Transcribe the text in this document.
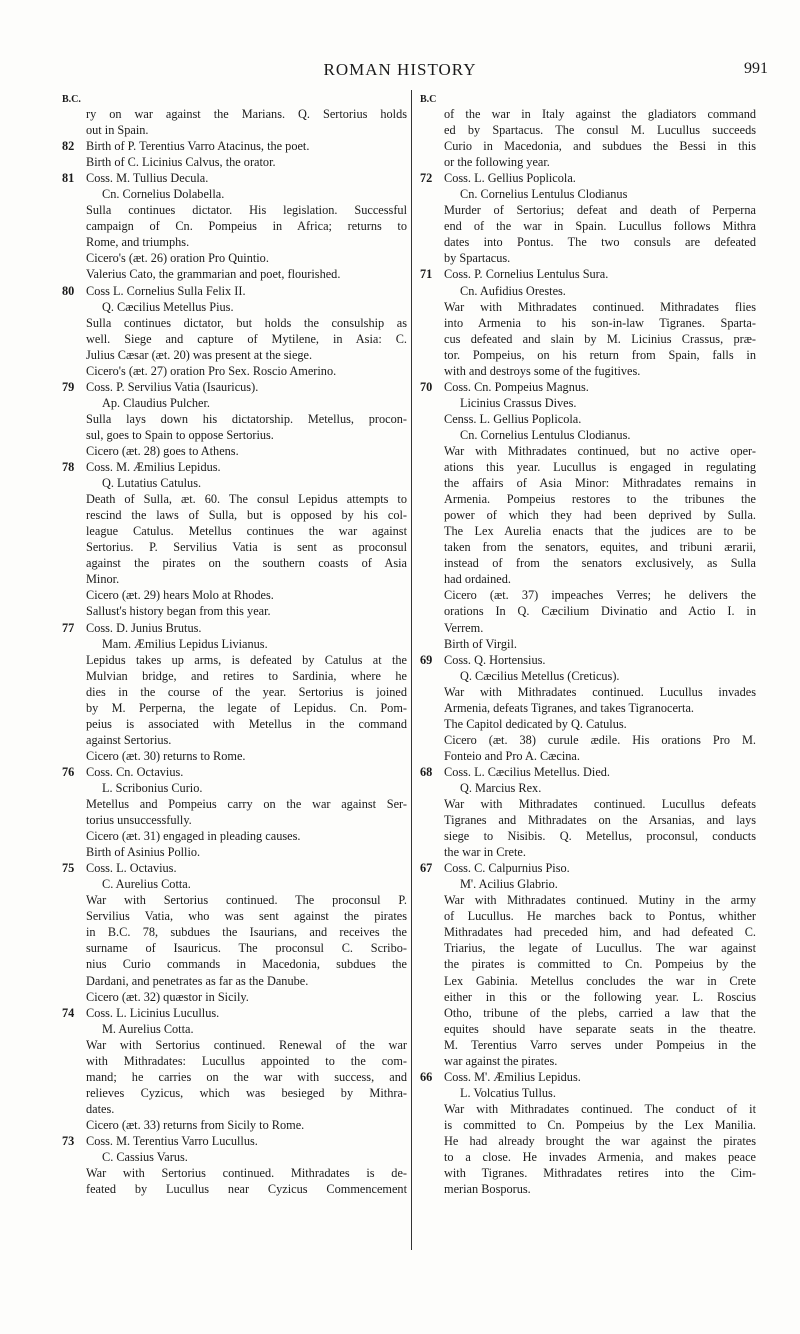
ROMAN HISTORY	991
B.C.
ry on war against the Marians. Q. Sertorius holds
out in Spain.
82 Birth of P. Terentius Varro Atacinus, the poet.
Birth of C. Licinius Calvus, the orator.
81 Coss. M. Tullius Decula.
Cn. Cornelius Dolabella.
Sulla continues dictator. His legislation. Successful
campaign of Cn. Pompeius in Africa; returns to
Rome, and triumphs.
Cicero's (æt. 26) oration Pro Quintio.
Valerius Cato, the grammarian and poet, flourished.
80 Coss L. Cornelius Sulla Felix II.
Q. Cæcilius Metellus Pius.
Sulla continues dictator, but holds the consulship as
well. Siege and capture of Mytilene, in Asia: C.
Julius Cæsar (æt. 20) was present at the siege.
Cicero's (æt. 27) oration Pro Sex. Roscio Amerino.
79 Coss. P. Servilius Vatia (Isauricus).
Ap. Claudius Pulcher.
Sulla lays down his dictatorship. Metellus, procon-
sul, goes to Spain to oppose Sertorius.
Cicero (æt. 28) goes to Athens.
78 Coss. M. Æmilius Lepidus.
Q. Lutatius Catulus.
Death of Sulla, æt. 60. The consul Lepidus attempts to
rescind the laws of Sulla, but is opposed by his col-
league Catulus. Metellus continues the war against
Sertorius. P. Servilius Vatia is sent as proconsul
against the pirates on the southern coasts of Asia
Minor.
Cicero (æt. 29) hears Molo at Rhodes.
Sallust's history began from this year.
77 Coss. D. Junius Brutus.
Mam. Æmilius Lepidus Livianus.
Lepidus takes up arms, is defeated by Catulus at the
Mulvian bridge, and retires to Sardinia, where he
dies in the course of the year. Sertorius is joined
by M. Perperna, the legate of Lepidus. Cn. Pom-
peius is associated with Metellus in the command
against Sertorius.
Cicero (æt. 30) returns to Rome.
76 Coss. Cn. Octavius.
L. Scribonius Curio.
Metellus and Pompeius carry on the war against Ser-
torius unsuccessfully.
Cicero (æt. 31) engaged in pleading causes.
Birth of Asinius Pollio.
75 Coss. L. Octavius.
C. Aurelius Cotta.
War with Sertorius continued. The proconsul P.
Servilius Vatia, who was sent against the pirates
in B.C. 78, subdues the Isaurians, and receives the
surname of Isauricus. The proconsul C. Scribo-
nius Curio commands in Macedonia, subdues the
Dardani, and penetrates as far as the Danube.
Cicero (æt. 32) quæstor in Sicily.
74 Coss. L. Licinius Lucullus.
M. Aurelius Cotta.
War with Sertorius continued. Renewal of the war
with Mithradates: Lucullus appointed to the com-
mand; he carries on the war with success, and
relieves Cyzicus, which was besieged by Mithra-
dates.
Cicero (æt. 33) returns from Sicily to Rome.
73 Coss. M. Terentius Varro Lucullus.
C. Cassius Varus.
War with Sertorius continued. Mithradates is de-
feated by Lucullus near Cyzicus Commencement
B.C
of the war in Italy against the gladiators command
ed by Spartacus. The consul M. Lucullus succeeds
Curio in Macedonia, and subdues the Bessi in this
or the following year.
72 Coss. L. Gellius Poplicola.
Cn. Cornelius Lentulus Clodianus
Murder of Sertorius; defeat and death of Perperna
end of the war in Spain. Lucullus follows Mithra
dates into Pontus. The two consuls are defeated
by Spartacus.
71 Coss. P. Cornelius Lentulus Sura.
Cn. Aufidius Orestes.
War with Mithradates continued. Mithradates flies
into Armenia to his son-in-law Tigranes. Sparta-
cus defeated and slain by M. Licinius Crassus, præ-
tor. Pompeius, on his return from Spain, falls in
with and destroys some of the fugitives.
70 Coss. Cn. Pompeius Magnus.
Licinius Crassus Dives.
Censs. L. Gellius Poplicola.
Cn. Cornelius Lentulus Clodianus.
War with Mithradates continued, but no active oper-
ations this year. Lucullus is engaged in regulating
the affairs of Asia Minor: Mithradates remains in
Armenia. Pompeius restores to the tribunes the
power of which they had been deprived by Sulla.
The Lex Aurelia enacts that the judices are to be
taken from the senators, equites, and tribuni ærarii,
instead of from the senators exclusively, as Sulla
had ordained.
Cicero (æt. 37) impeaches Verres; he delivers the
orations In Q. Cæcilium Divinatio and Actio I. in
Verrem.
Birth of Virgil.
69 Coss. Q. Hortensius.
Q. Cæcilius Metellus (Creticus).
War with Mithradates continued. Lucullus invades
Armenia, defeats Tigranes, and takes Tigranocerta.
The Capitol dedicated by Q. Catulus.
Cicero (æt. 38) curule ædile. His orations Pro M.
Fonteio and Pro A. Cæcina.
68 Coss. L. Cæcilius Metellus. Died.
Q. Marcius Rex.
War with Mithradates continued. Lucullus defeats
Tigranes and Mithradates on the Arsanias, and lays
siege to Nisibis. Q. Metellus, proconsul, conducts
the war in Crete.
67 Coss. C. Calpurnius Piso.
M'. Acilius Glabrio.
War with Mithradates continued. Mutiny in the army
of Lucullus. He marches back to Pontus, whither
Mithradates had preceded him, and had defeated C.
Triarius, the legate of Lucullus. The war against
the pirates is committed to Cn. Pompeius by the
Lex Gabinia. Metellus concludes the war in Crete
either in this or the following year. L. Roscius
Otho, tribune of the plebs, carried a law that the
equites should have separate seats in the theatre.
M. Terentius Varro serves under Pompeius in the
war against the pirates.
66 Coss. M'. Æmilius Lepidus.
L. Volcatius Tullus.
War with Mithradates continued. The conduct of it
is committed to Cn. Pompeius by the Lex Manilia.
He had already brought the war against the pirates
to a close. He invades Armenia, and makes peace
with Tigranes. Mithradates retires into the Cim-
merian Bosporus.
